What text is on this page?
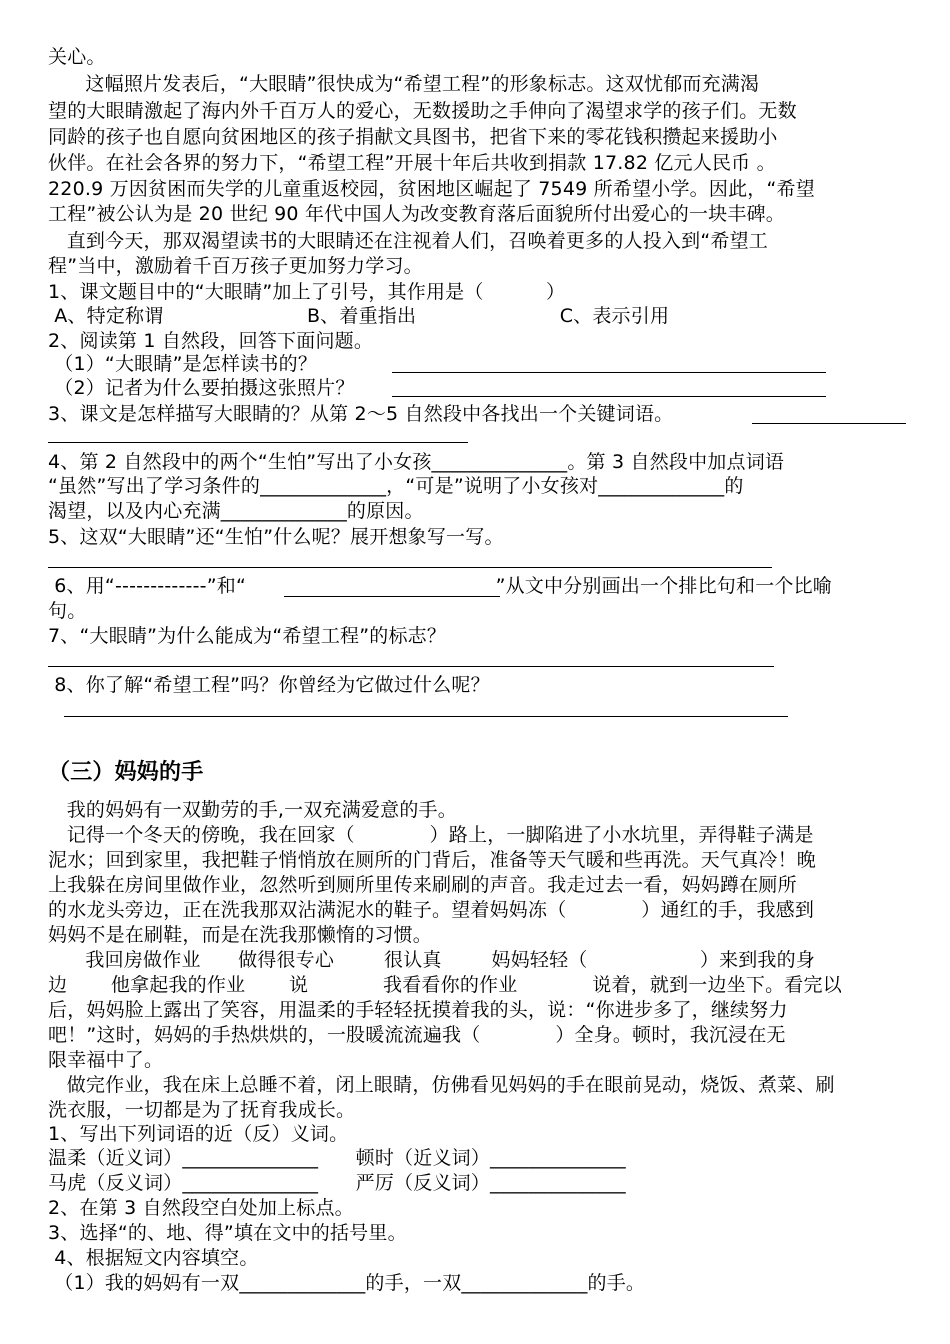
关心。
这幅照片发表后，“大眼睛”很快成为“希望工程”的形象标志。这双忧郁而充满渴
望的大眼睛激起了海内外千百万人的爱心，无数援助之手伸向了渴望求学的孩子们。无数
同龄的孩子也自愿向贫困地区的孩子捐献文具图书，把省下来的零花钱积攒起来援助小
伙伴。在社会各界的努力下，“希望工程”开展十年后共收到捐款 17.82 亿元人民币 。
220.9 万因贫困而失学的儿童重返校园，贫困地区崛起了 7549 所希望小学。因此，“希望
工程”被公认为是 20 世纪 90 年代中国人为改变教育落后面貌所付出爱心的一块丰碑。
直到今天，那双渴望读书的大眼睛还在注视着人们，召唤着更多的人投入到“希望工
程”当中，激励着千百万孩子更加努力学习。
1、课文题目中的“大眼睛”加上了引号，其作用是（          ）
A、特定称谓                       B、着重指出                       C、表示引用
2、阅读第 1 自然段，回答下面问题。
（1）“大眼睛”是怎样读书的？
（2）记者为什么要拍摄这张照片？
3、课文是怎样描写大眼睛的？从第 2～5 自然段中各找出一个关键词语。
4、第 2 自然段中的两个“生怕”写出了小女孩______________。第 3 自然段中加点词语
“虽然”写出了学习条件的_____________，“可是”说明了小女孩对_____________的
渴望，以及内心充满_____________的原因。
5、这双“大眼睛”还“生怕”什么呢？展开想象写一写。
6、用“-------------”和“                                        ”从文中分别画出一个排比句和一个比喻
句。
7、“大眼睛”为什么能成为“希望工程”的标志？
8、你了解“希望工程”吗？你曾经为它做过什么呢？
（三）妈妈的手
我的妈妈有一双勤劳的手,一双充满爱意的手。
记得一个冬天的傍晚，我在回家（            ）路上，一脚陷进了小水坑里，弄得鞋子满是
泥水；回到家里，我把鞋子悄悄放在厕所的门背后，准备等天气暖和些再洗。天气真冷！晚
上我躲在房间里做作业，忽然听到厕所里传来刷刷的声音。我走过去一看，妈妈蹲在厕所
的水龙头旁边，正在洗我那双沾满泥水的鞋子。望着妈妈冻（            ）通红的手，我感到
妈妈不是在刷鞋，而是在洗我那懒惰的习惯。
我回房做作业      做得很专心        很认真        妈妈轻轻（                  ）来到我的身
边       他拿起我的作业       说            我看看你的作业            说着，就到一边坐下。看完以
后，妈妈脸上露出了笑容，用温柔的手轻轻抚摸着我的头，说：“你进步多了，继续努力
吧！”这时，妈妈的手热烘烘的，一股暖流流遍我（            ）全身。顿时，我沉浸在无
限幸福中了。
做完作业，我在床上总睡不着，闭上眼睛，仿佛看见妈妈的手在眼前晃动，烧饭、煮菜、刷
洗衣服，一切都是为了抚育我成长。
1、写出下列词语的近（反）义词。
温柔（近义词）______________      顿时（近义词）______________
马虎（反义词）______________      严厉（反义词）______________
2、在第 3 自然段空白处加上标点。
3、选择“的、地、得”填在文中的括号里。
4、根据短文内容填空。
（1）我的妈妈有一双_____________的手，一双_____________的手。
